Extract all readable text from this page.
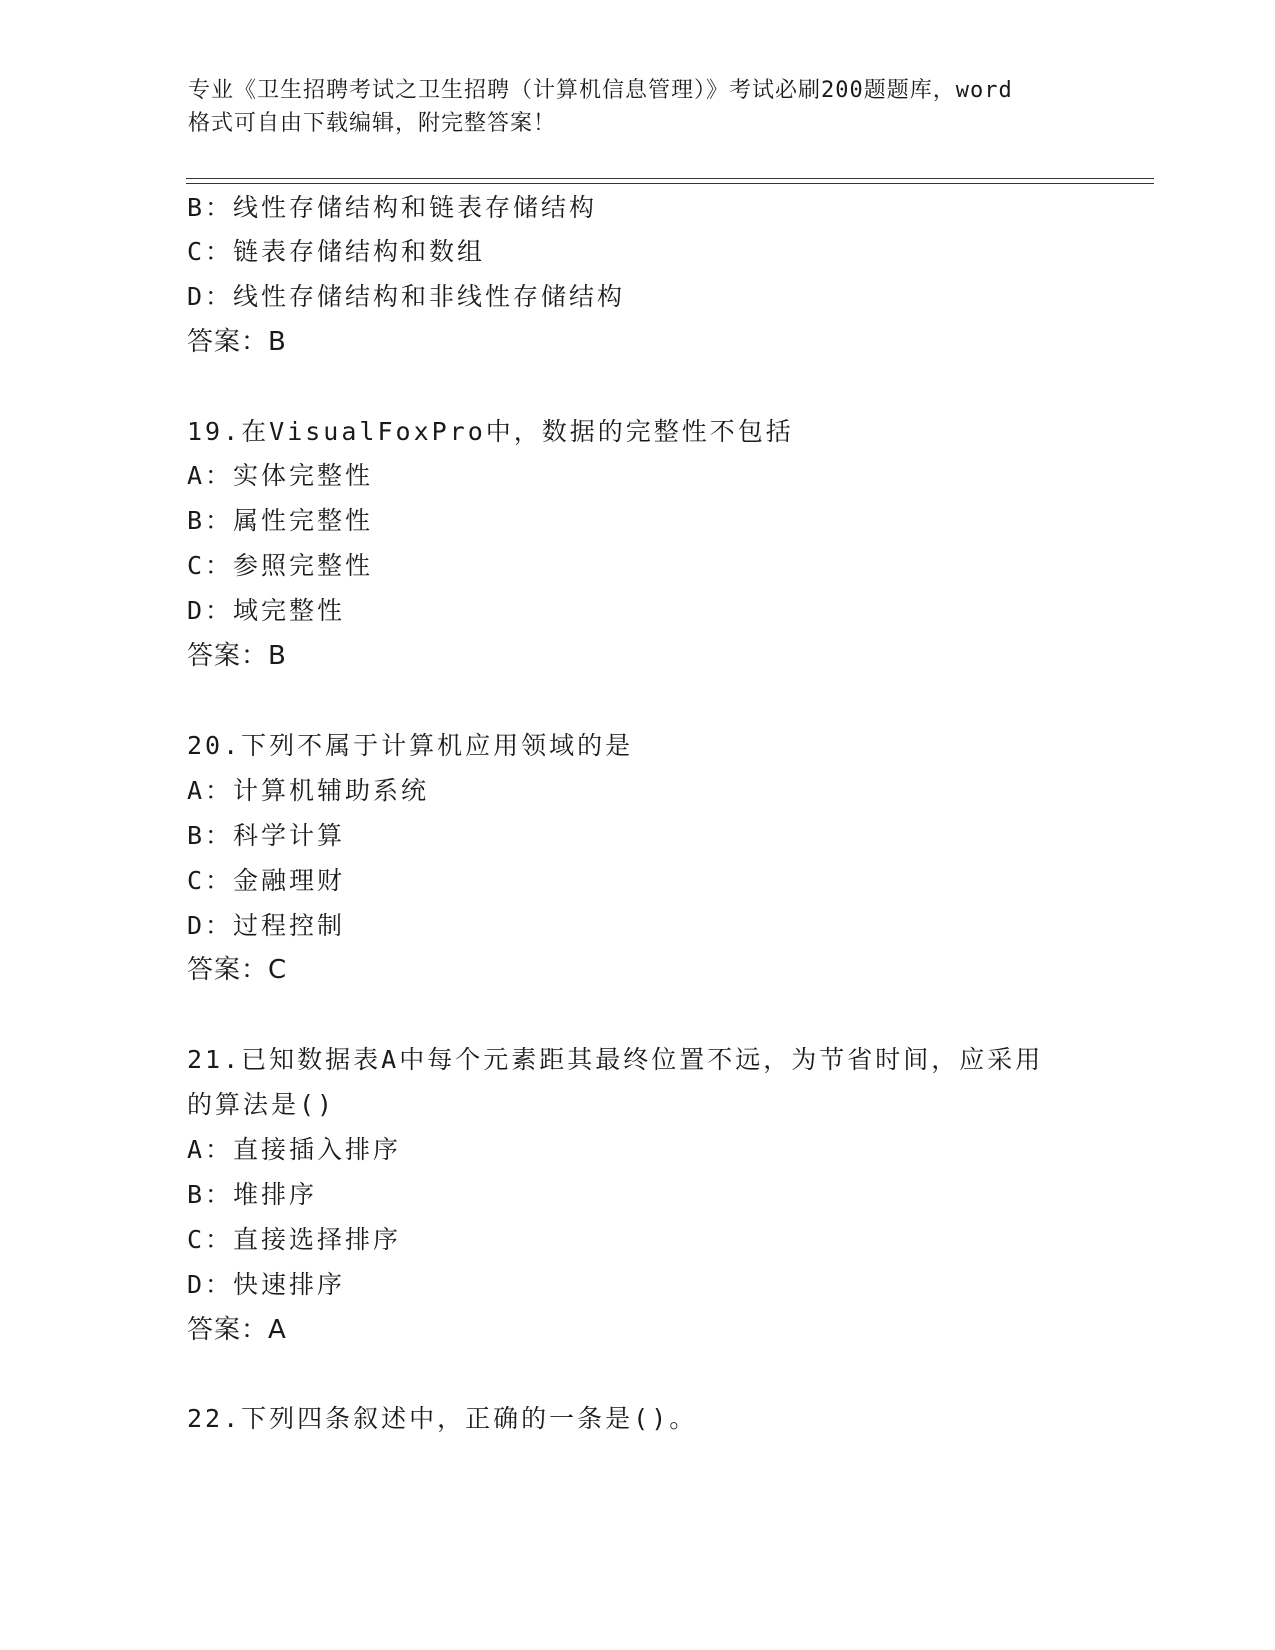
专业《卫生招聘考试之卫生招聘（计算机信息管理）》考试必刷200题题库，word
格式可自由下载编辑，附完整答案！
B：线性存储结构和链表存储结构
C：链表存储结构和数组
D：线性存储结构和非线性存储结构
答案：B
19.在VisualFoxPro中，数据的完整性不包括
A：实体完整性
B：属性完整性
C：参照完整性
D：域完整性
答案：B
20.下列不属于计算机应用领域的是
A：计算机辅助系统
B：科学计算
C：金融理财
D：过程控制
答案：C
21.已知数据表A中每个元素距其最终位置不远，为节省时间，应采用
的算法是()
A：直接插入排序
B：堆排序
C：直接选择排序
D：快速排序
答案：A
22.下列四条叙述中，正确的一条是()。
